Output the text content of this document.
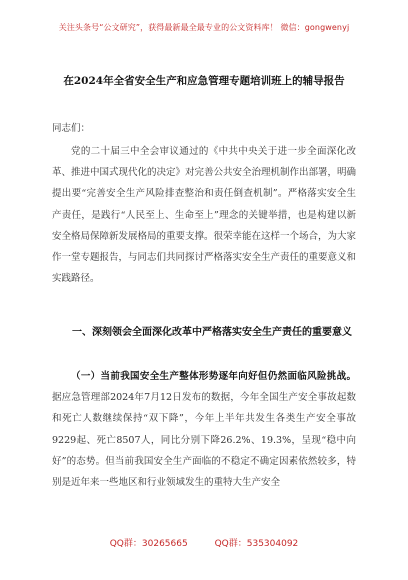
关注头条号“公文研究”，获得最新最全最专业的公文资料库！ 微信：gongwenyj
在2024年全省安全生产和应急管理专题培训班上的辅导报告
同志们：

党的二十届三中全会审议通过的《中共中央关于进一步全面深化改革、推进中国式现代化的决定》对完善公共安全治理机制作出部署，明确提出要“完善安全生产风险排查整治和责任倒查机制”。严格落实安全生产责任，是践行“人民至上、生命至上”理念的关键举措，也是构建以新安全格局保障新发展格局的重要支撑。很荣幸能在这样一个场合，为大家作一堂专题报告，与同志们共同探讨严格落实安全生产责任的重要意义和实践路径。

一、深刻领会全面深化改革中严格落实安全生产责任的重要意义

（一）当前我国安全生产整体形势逐年向好但仍然面临风险挑战。据应急管理部2024年7月12日发布的数据，今年全国生产安全事故起数和死亡人数继续保持“双下降”，今年上半年共发生各类生产安全事故9229起、死亡8507人，同比分别下降26.2%、19.3%，呈现“稳中向好”的态势。但当前我国安全生产面临的不稳定不确定因素依然较多，特别是近年来一些地区和行业领域发生的重特大生产安全

QQ群：30265665	QQ群：535304092
